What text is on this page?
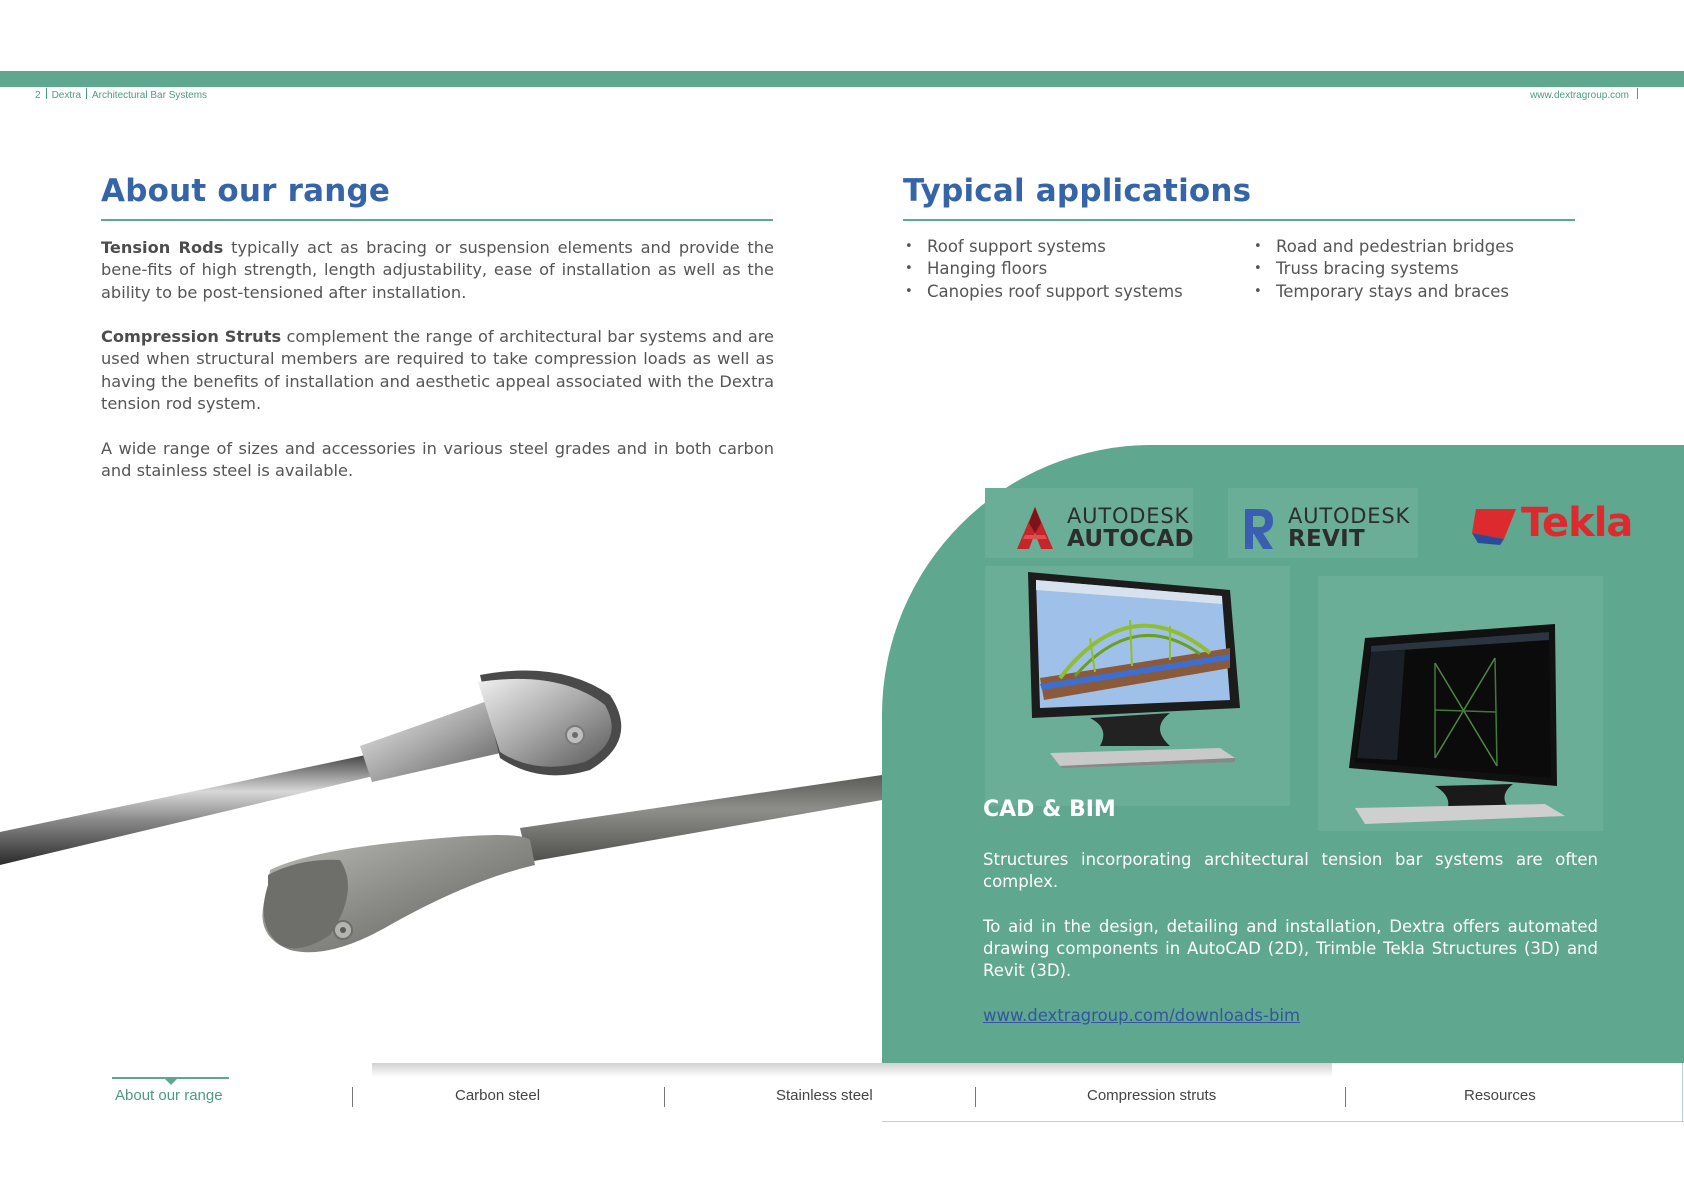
2 Dextra Architectural Bar Systems	www.dextragroup.com
About our range

Tension Rods typically act as bracing or suspension elements and provide the bene-fits of high strength, length adjustability, ease of installation as well as the ability to be post-tensioned after installation.

Compression Struts complement the range of architectural bar systems and are used when structural members are required to take compression loads as well as having the benefits of installation and aesthetic appeal associated with the Dextra tension rod system.

A wide range of sizes and accessories in various steel grades and in both carbon and stainless steel is available.

Typical applications
• Roof support systems
• Hanging floors
• Canopies roof support systems
• Road and pedestrian bridges
• Truss bracing systems
• Temporary stays and braces
AUTODESK
AUTOCAD
AUTODESK
REVIT	Tekla
CAD & BIM

Structures incorporating architectural tension bar systems are often complex.

To aid in the design, detailing and installation, Dextra offers automated drawing components in AutoCAD (2D), Trimble Tekla Structures (3D) and Revit (3D).

www.dextragroup.com/downloads-bim

About our range	Carbon steel	Stainless steel	Compression struts	Resources
